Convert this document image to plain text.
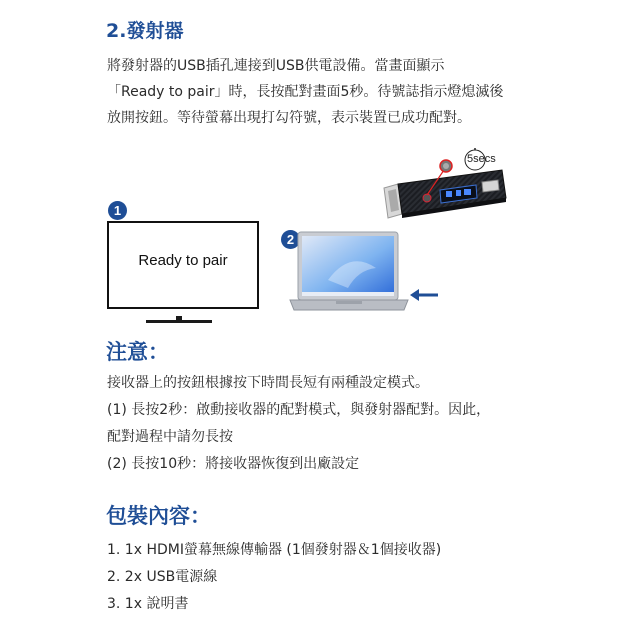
2.發射器
將發射器的USB插孔連接到USB供電設備。當畫面顯示
「Ready to pair」時，長按配對畫面5秒。待號誌指示燈熄滅後
放開按鈕。等待螢幕出現打勾符號，表示裝置已成功配對。
5secs
1
Ready to pair
2
注意：
接收器上的按鈕根據按下時間長短有兩種設定模式。
(1) 長按2秒：啟動接收器的配對模式，與發射器配對。因此，
配對過程中請勿長按
(2) 長按10秒：將接收器恢復到出廠設定
包裝內容：
1. 1x HDMI螢幕無線傳輸器 (1個發射器＆1個接收器)
2. 2x USB電源線
3. 1x 說明書
